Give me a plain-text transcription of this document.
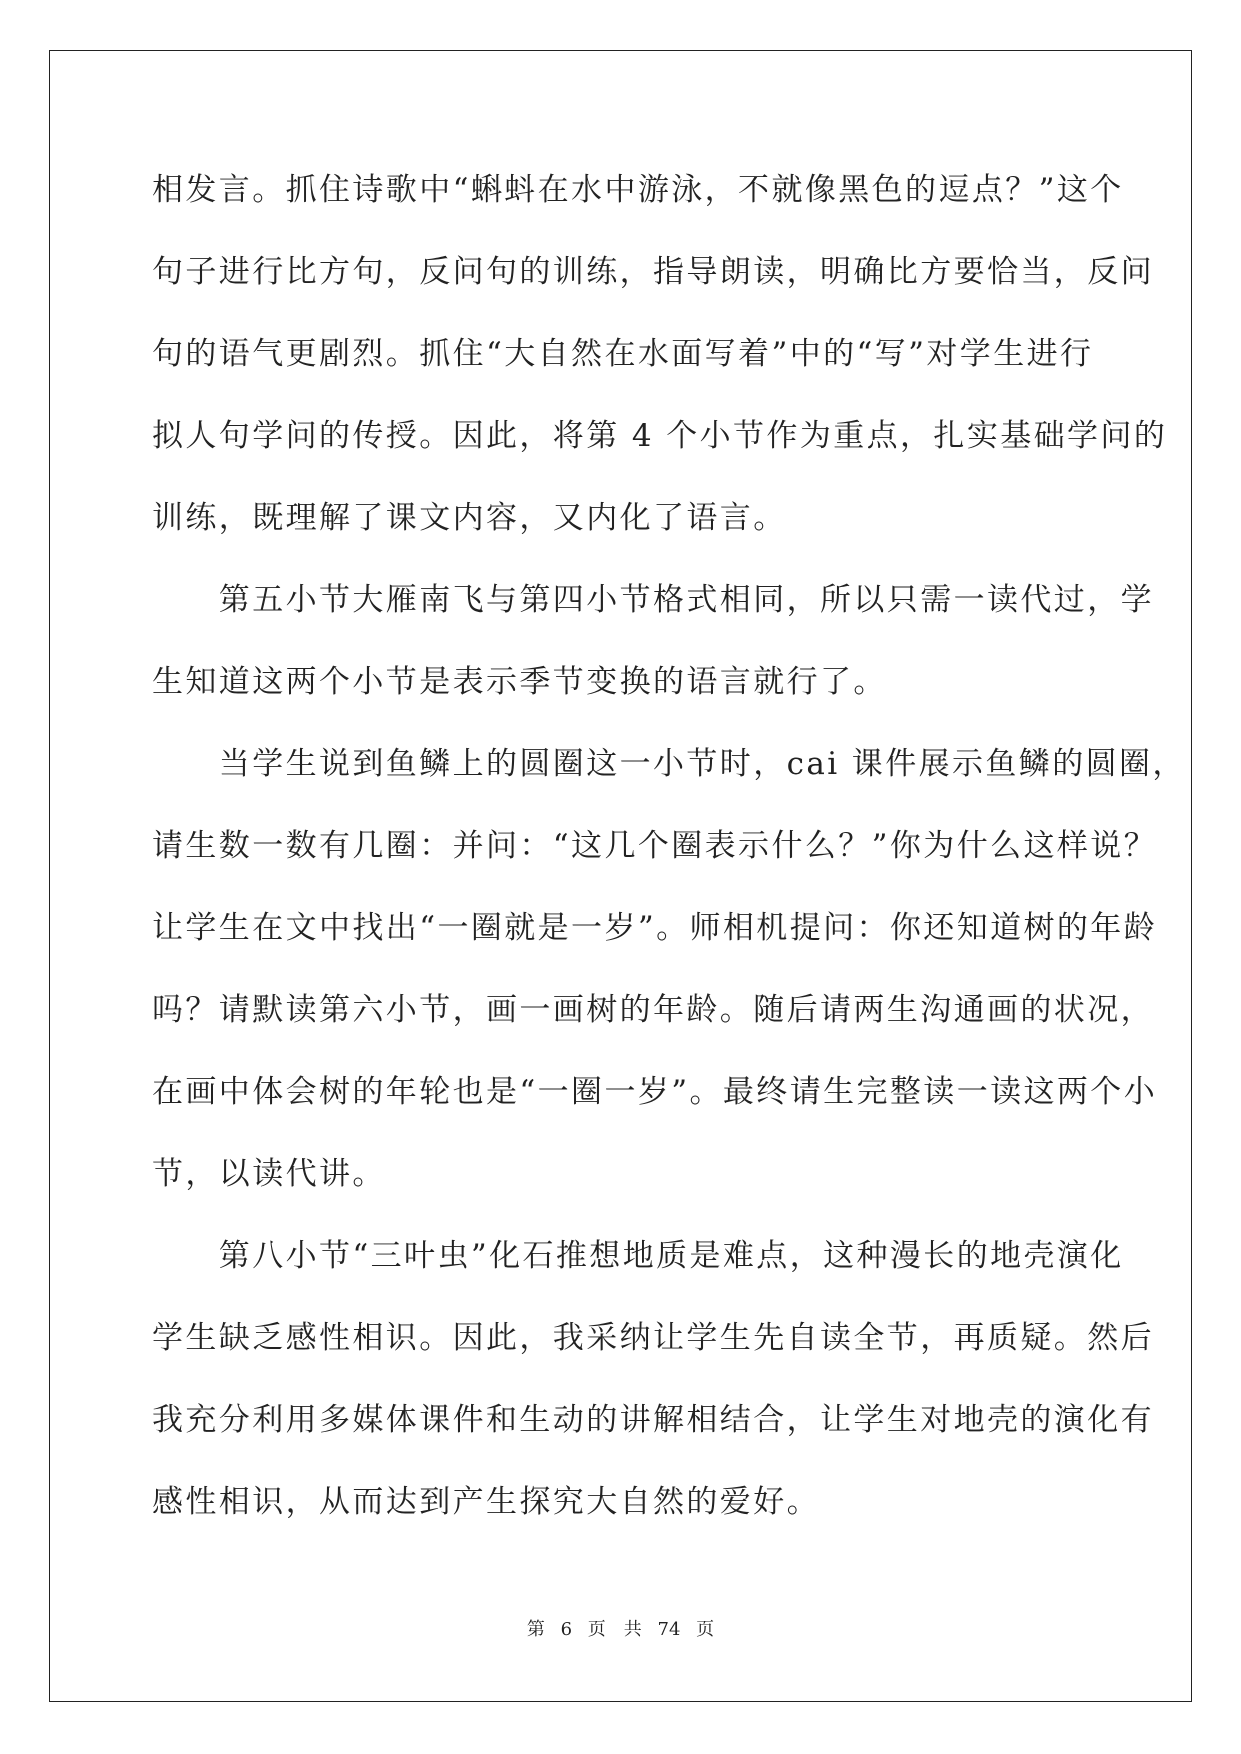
相发言。抓住诗歌中“蝌蚪在水中游泳，不就像黑色的逗点？”这个
句子进行比方句，反问句的训练，指导朗读，明确比方要恰当，反问
句的语气更剧烈。抓住“大自然在水面写着”中的“写”对学生进行
拟人句学问的传授。因此，将第 4 个小节作为重点，扎实基础学问的
训练，既理解了课文内容，又内化了语言。
　　第五小节大雁南飞与第四小节格式相同，所以只需一读代过，学
生知道这两个小节是表示季节变换的语言就行了。
　　当学生说到鱼鳞上的圆圈这一小节时，cai 课件展示鱼鳞的圆圈，
请生数一数有几圈：并问：“这几个圈表示什么？”你为什么这样说？
让学生在文中找出“一圈就是一岁”。师相机提问：你还知道树的年龄
吗？请默读第六小节，画一画树的年龄。随后请两生沟通画的状况，
在画中体会树的年轮也是“一圈一岁”。最终请生完整读一读这两个小
节，以读代讲。
　　第八小节“三叶虫”化石推想地质是难点，这种漫长的地壳演化
学生缺乏感性相识。因此，我采纳让学生先自读全节，再质疑。然后
我充分利用多媒体课件和生动的讲解相结合，让学生对地壳的演化有
感性相识，从而达到产生探究大自然的爱好。
第 6 页　共 74 页
